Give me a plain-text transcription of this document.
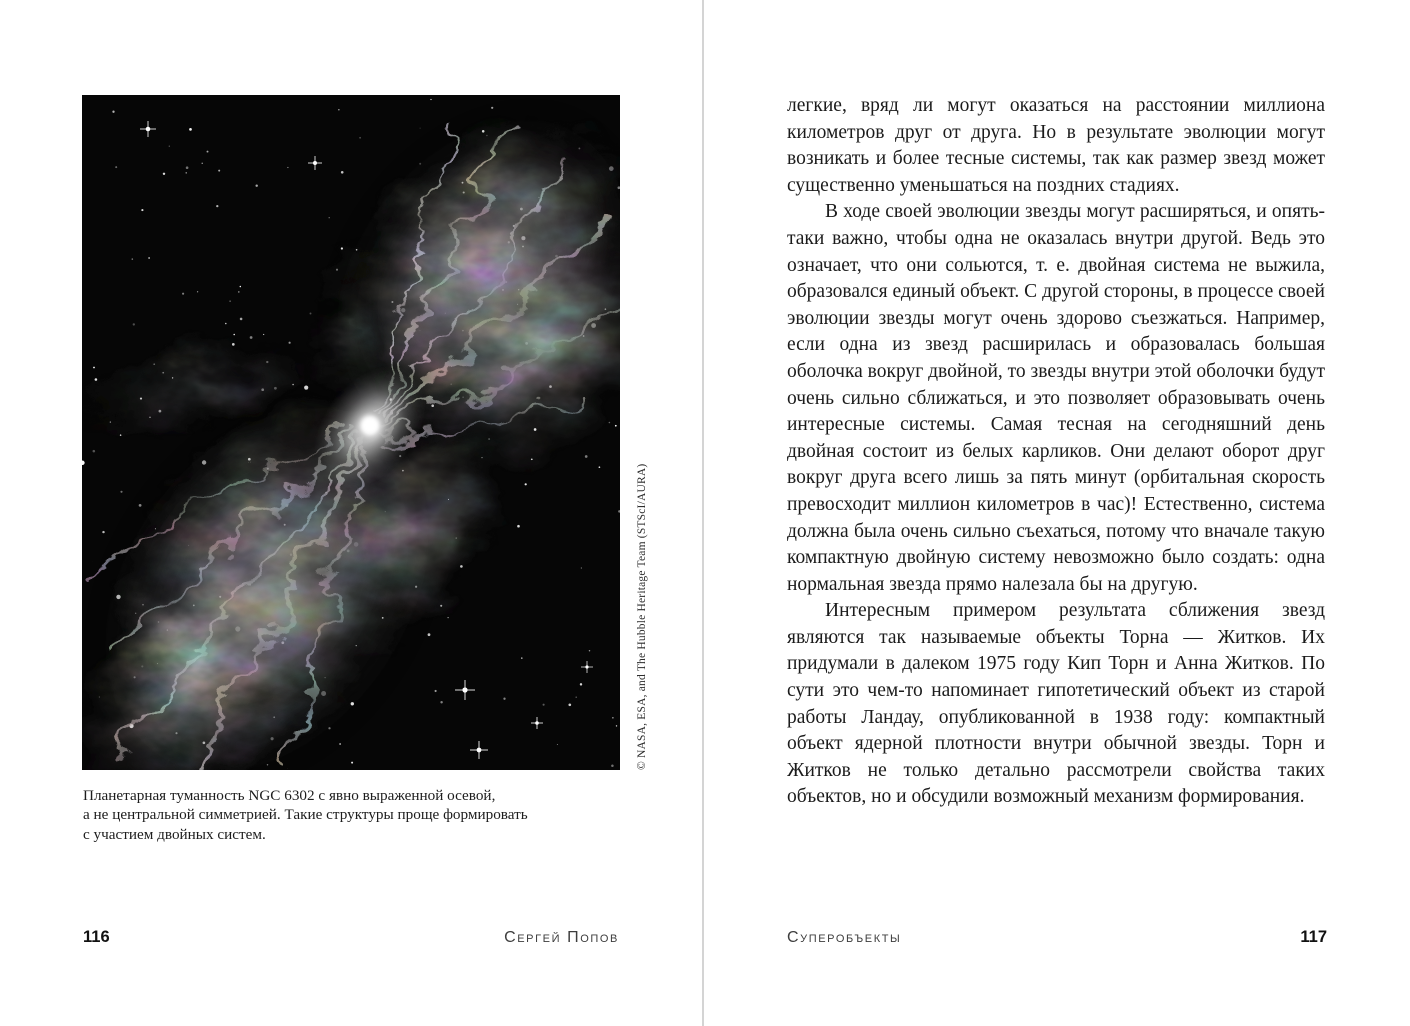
© NASA, ESA, and The Hubble Heritage Team (STScI/AURA)
Планетарная туманность NGC 6302 с явно выраженной осевой,
а не центральной симметрией. Такие структуры проще формировать
с участием двойных систем.
116	Сергей Попов

легкие, вряд ли могут оказаться на расстоянии миллиона километров друг от друга. Но в результате эволюции могут возникать и более тесные системы, так как размер звезд может существенно уменьшаться на поздних стадиях.

В ходе своей эволюции звезды могут расширяться, и опять-таки важно, чтобы одна не оказалась внутри другой. Ведь это означает, что они сольются, т. е. двойная система не выжила, образовался единый объект. С другой стороны, в процессе своей эволюции звезды могут очень здорово съезжаться. Например, если одна из звезд расширилась и образовалась большая оболочка вокруг двойной, то звезды внутри этой оболочки будут очень сильно сближаться, и это позволяет образовывать очень интересные системы. Самая тесная на сегодняшний день двойная состоит из белых карликов. Они делают оборот друг вокруг друга всего лишь за пять минут (орбитальная скорость превосходит миллион километров в час)! Естественно, система должна была очень сильно съехаться, потому что вначале такую компактную двойную систему невозможно было создать: одна нормальная звезда прямо налезала бы на другую.

Интересным примером результата сближения звезд являются так называемые объекты Торна — Житков. Их придумали в далеком 1975 году Кип Торн и Анна Житков. По сути это чем-то напоминает гипотетический объект из старой работы Ландау, опубликованной в 1938 году: компактный объект ядерной плотности внутри обычной звезды. Торн и Житков не только детально рассмотрели свойства таких объектов, но и обсудили возможный механизм формирования.

Суперобъекты	117
